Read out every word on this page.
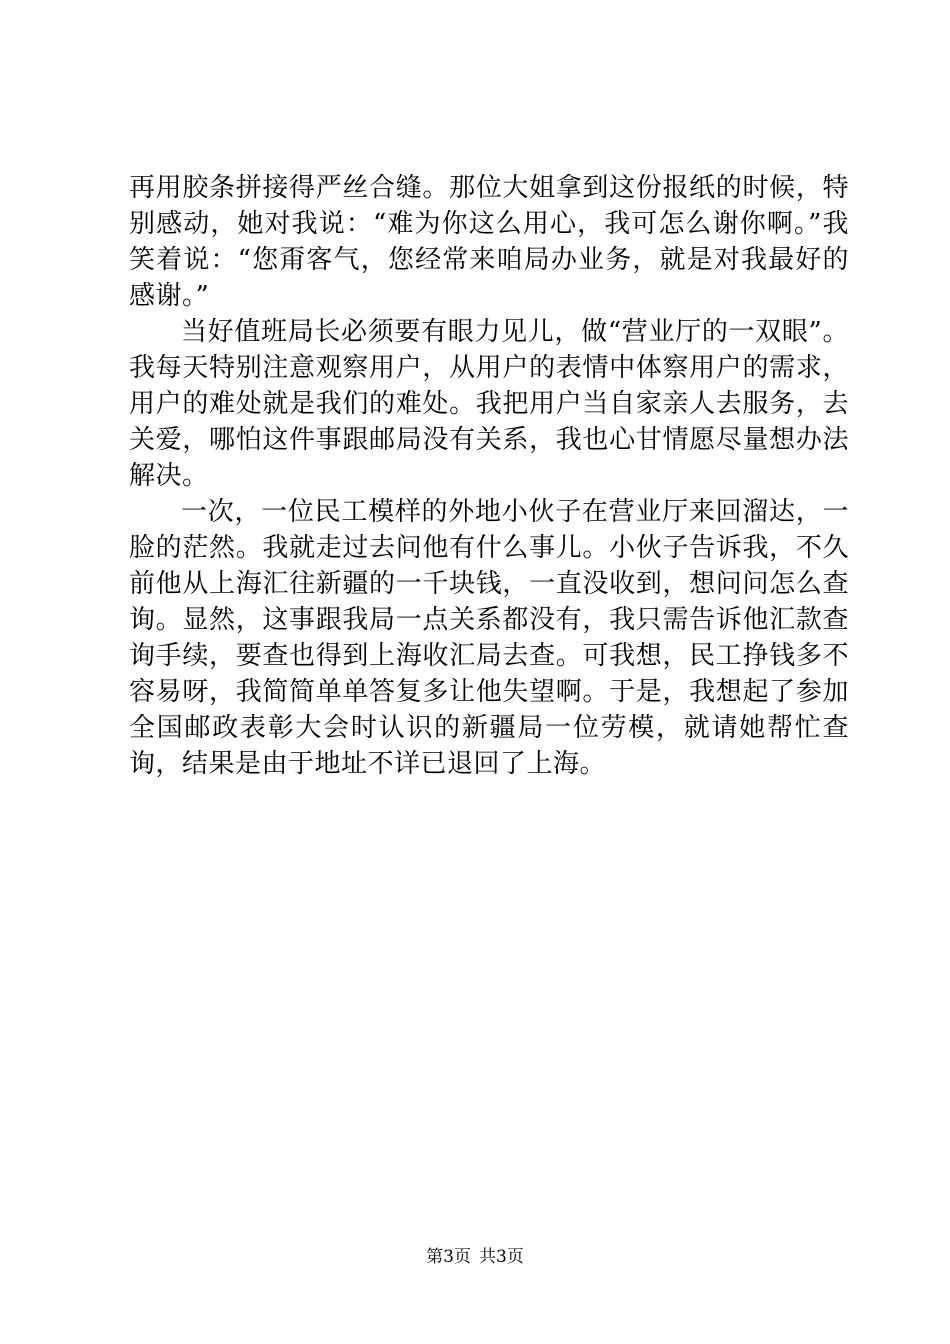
再用胶条拼接得严丝合缝。那位大姐拿到这份报纸的时候，特别感动，她对我说：“难为你这么用心，我可怎么谢你啊。”我笑着说：“您甭客气，您经常来咱局办业务，就是对我最好的感谢。”

当好值班局长必须要有眼力见儿，做“营业厅的一双眼”。我每天特别注意观察用户，从用户的表情中体察用户的需求，用户的难处就是我们的难处。我把用户当自家亲人去服务，去关爱，哪怕这件事跟邮局没有关系，我也心甘情愿尽量想办法解决。

一次，一位民工模样的外地小伙子在营业厅来回溜达，一脸的茫然。我就走过去问他有什么事儿。小伙子告诉我，不久前他从上海汇往新疆的一千块钱，一直没收到，想问问怎么查询。显然，这事跟我局一点关系都没有，我只需告诉他汇款查询手续，要查也得到上海收汇局去查。可我想，民工挣钱多不容易呀，我简简单单答复多让他失望啊。于是，我想起了参加全国邮政表彰大会时认识的新疆局一位劳模，就请她帮忙查询，结果是由于地址不详已退回了上海。

第3页 共3页
